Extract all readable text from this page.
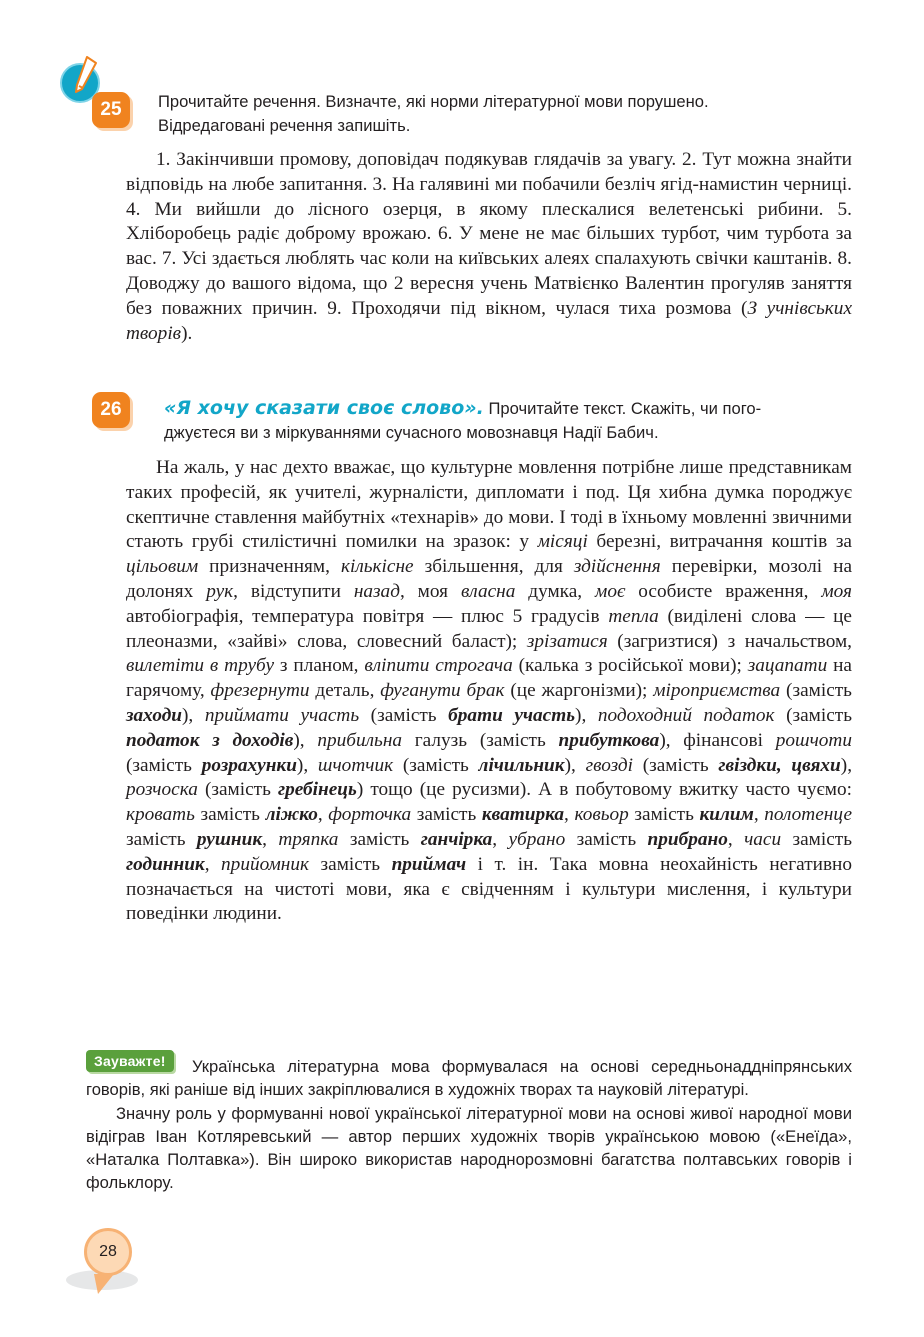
25	Прочитайте речення. Визначте, які норми літературної мови порушено.
Відредаговані речення запишіть.

1. Закінчивши промову, доповідач подякував глядачів за увагу. 2. Тут можна знайти відповідь на любе запитання. 3. На галявині ми побачили безліч ягід-намистин черниці. 4. Ми вийшли до лісного озерця, в якому плескалися велетенські рибини. 5. Хліборобець радіє доброму врожаю. 6. У мене не має більших турбот, чим турбота за вас. 7. Усі здається люблять час коли на київських алеях спалахують свічки каштанів. 8. Доводжу до вашого відома, що 2 вересня учень Матвієнко Валентин прогуляв заняття без поважних причин. 9. Проходячи під вікном, чулася тиха розмова (З учнівських творів).

26	«Я хочу сказати своє слово». Прочитайте текст. Скажіть, чи пого-
джуєтеся ви з міркуваннями сучасного мовознавця Надії Бабич.

На жаль, у нас дехто вважає, що культурне мовлення потрібне лише представникам таких професій, як учителі, журналісти, дипломати і под. Ця хибна думка породжує скептичне ставлення майбутніх «технарів» до мови. І тоді в їхньому мовленні звичними стають грубі стилістичні помилки на зразок: у місяці березні, витрачання коштів за цільовим призначенням, кількісне збільшення, для здійснення перевірки, мозолі на долонях рук, відступити назад, моя власна думка, моє особисте враження, моя автобіографія, температура повітря — плюс 5 градусів тепла (виділені слова — це плеоназми, «зайві» слова, словесний баласт); зрізатися (загризтися) з начальством, вилетіти в трубу з планом, вліпити строгача (калька з російської мови); зацапати на гарячому, фрезернути деталь, фуганути брак (це жаргонізми); міроприємства (замість заходи), приймати участь (замість брати участь), подоходний податок (замість податок з доходів), прибильна галузь (замість прибуткова), фінансові рошчоти (замість розрахунки), шчотчик (замість лічильник), гвоздi (замість гвіздки, цвяхи), розчоска (замість гребінець) тощо (це русизми). А в побутовому вжитку часто чуємо: кровать замість ліжко, форточка замість кватирка, ковьор замість килим, полотенце замість рушник, тряпка замість ганчірка, убрано замість прибрано, часи замість годинник, прийомник замість приймач і т. ін. Така мовна неохайність негативно позначається на чистоті мови, яка є свідченням і культури мислення, і культури поведінки людини.

Зауважте!	Українська літературна мова формувалася на основі середньонаддніпрянських говорів, які раніше від інших закріплювалися в художніх творах та науковій літературі.

Значну роль у формуванні нової української літературної мови на основі живої народної мови відіграв Іван Котляревський — автор перших художніх творів українською мовою («Енеїда», «Наталка Полтавка»). Він широко використав народнорозмовні багатства полтавських говорів і фольклору.

28
